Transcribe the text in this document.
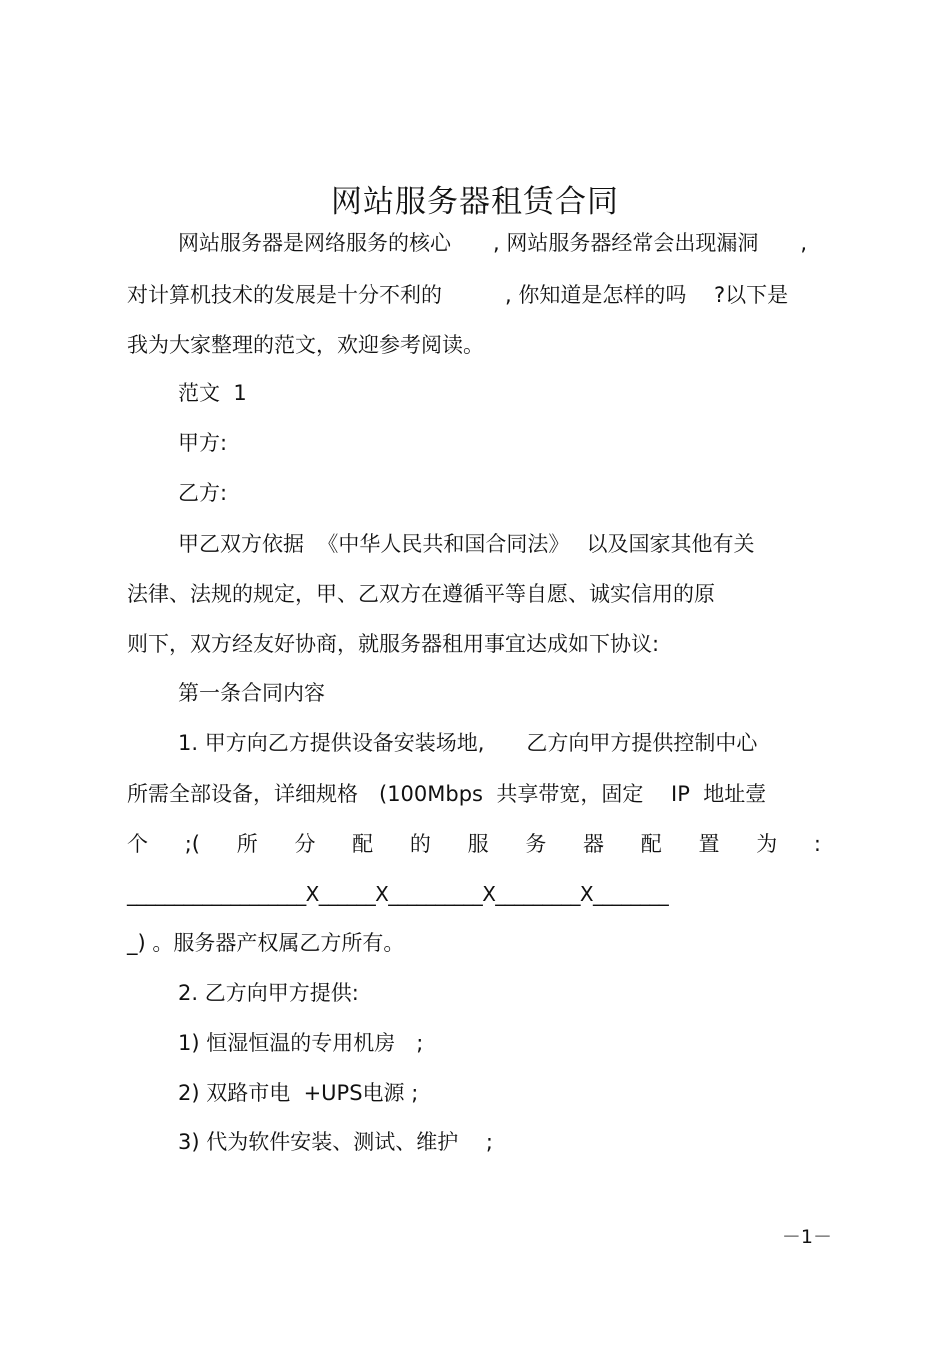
网站服务器租赁合同
网站服务器是网络服务的核心　　, 网站服务器经常会出现漏洞　　,
对计算机技术的发展是十分不利的　　　, 你知道是怎样的吗　 ?以下是
我为大家整理的范文，欢迎参考阅读。
范文  1
甲方:
乙方:
甲乙双方依据  《中华人民共和国合同法》　 以及国家其他有关
法律、法规的规定，甲、乙双方在遵循平等自愿、诚实信用的原
则下，双方经友好协商，就服务器租用事宜达成如下协议:
第一条合同内容
1. 甲方向乙方提供设备安装场地,　　乙方向甲方提供控制中心
所需全部设备，详细规格　(100Mbps  共享带宽，固定　 IP  地址壹
个 ;( 所 分 配 的 服 务 器 配 置 为 :
___________________X______X__________X_________X________
_) 。服务器产权属乙方所有。
2. 乙方向甲方提供:
1) 恒湿恒温的专用机房　;
2) 双路市电  +UPS电源 ;
3) 代为软件安装、测试、维护　 ;
－1－
